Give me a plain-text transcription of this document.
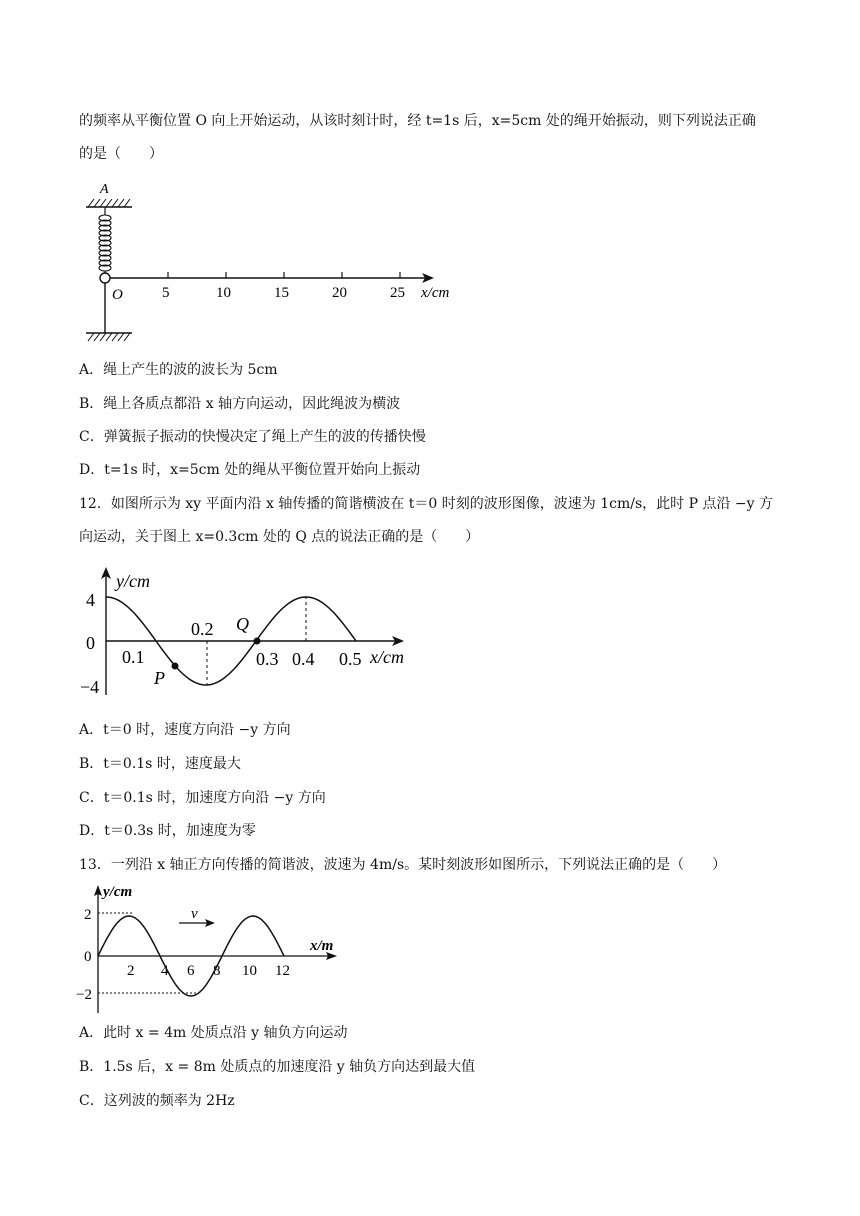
的频率从平衡位置 O 向上开始运动，从该时刻计时，经 t=1s 后，x=5cm 处的绳开始振动，则下列说法正确
的是（　　）
A
O	5	10	15	20	25 x/cm
A．绳上产生的波的波长为 5cm
B．绳上各质点都沿 x 轴方向运动，因此绳波为横波
C．弹簧振子振动的快慢决定了绳上产生的波的传播快慢
D．t=1s 时，x=5cm 处的绳从平衡位置开始向上振动
12．如图所示为 xy 平面内沿 x 轴传播的简谐横波在 t＝0 时刻的波形图像，波速为 1cm/s，此时 P 点沿 −y 方
向运动，关于图上 x=0.3cm 处的 Q 点的说法正确的是（　　）
y/cm
x/cm
4
0
−4
0.1
0.2
0.3 0.4 0.5
P
Q
A．t＝0 时，速度方向沿 −y 方向
B．t＝0.1s 时，速度最大
C．t＝0.1s 时，加速度方向沿 −y 方向
D．t＝0.3s 时，加速度为零
13．一列沿 x 轴正方向传播的简谐波，波速为 4m/s。某时刻波形如图所示，下列说法正确的是（　　）
y/cm
x/m
2
0
−2
2 4 6 8 10 12
v
A．此时 x = 4m 处质点沿 y 轴负方向运动
B．1.5s 后，x = 8m 处质点的加速度沿 y 轴负方向达到最大值
C．这列波的频率为 2Hz
